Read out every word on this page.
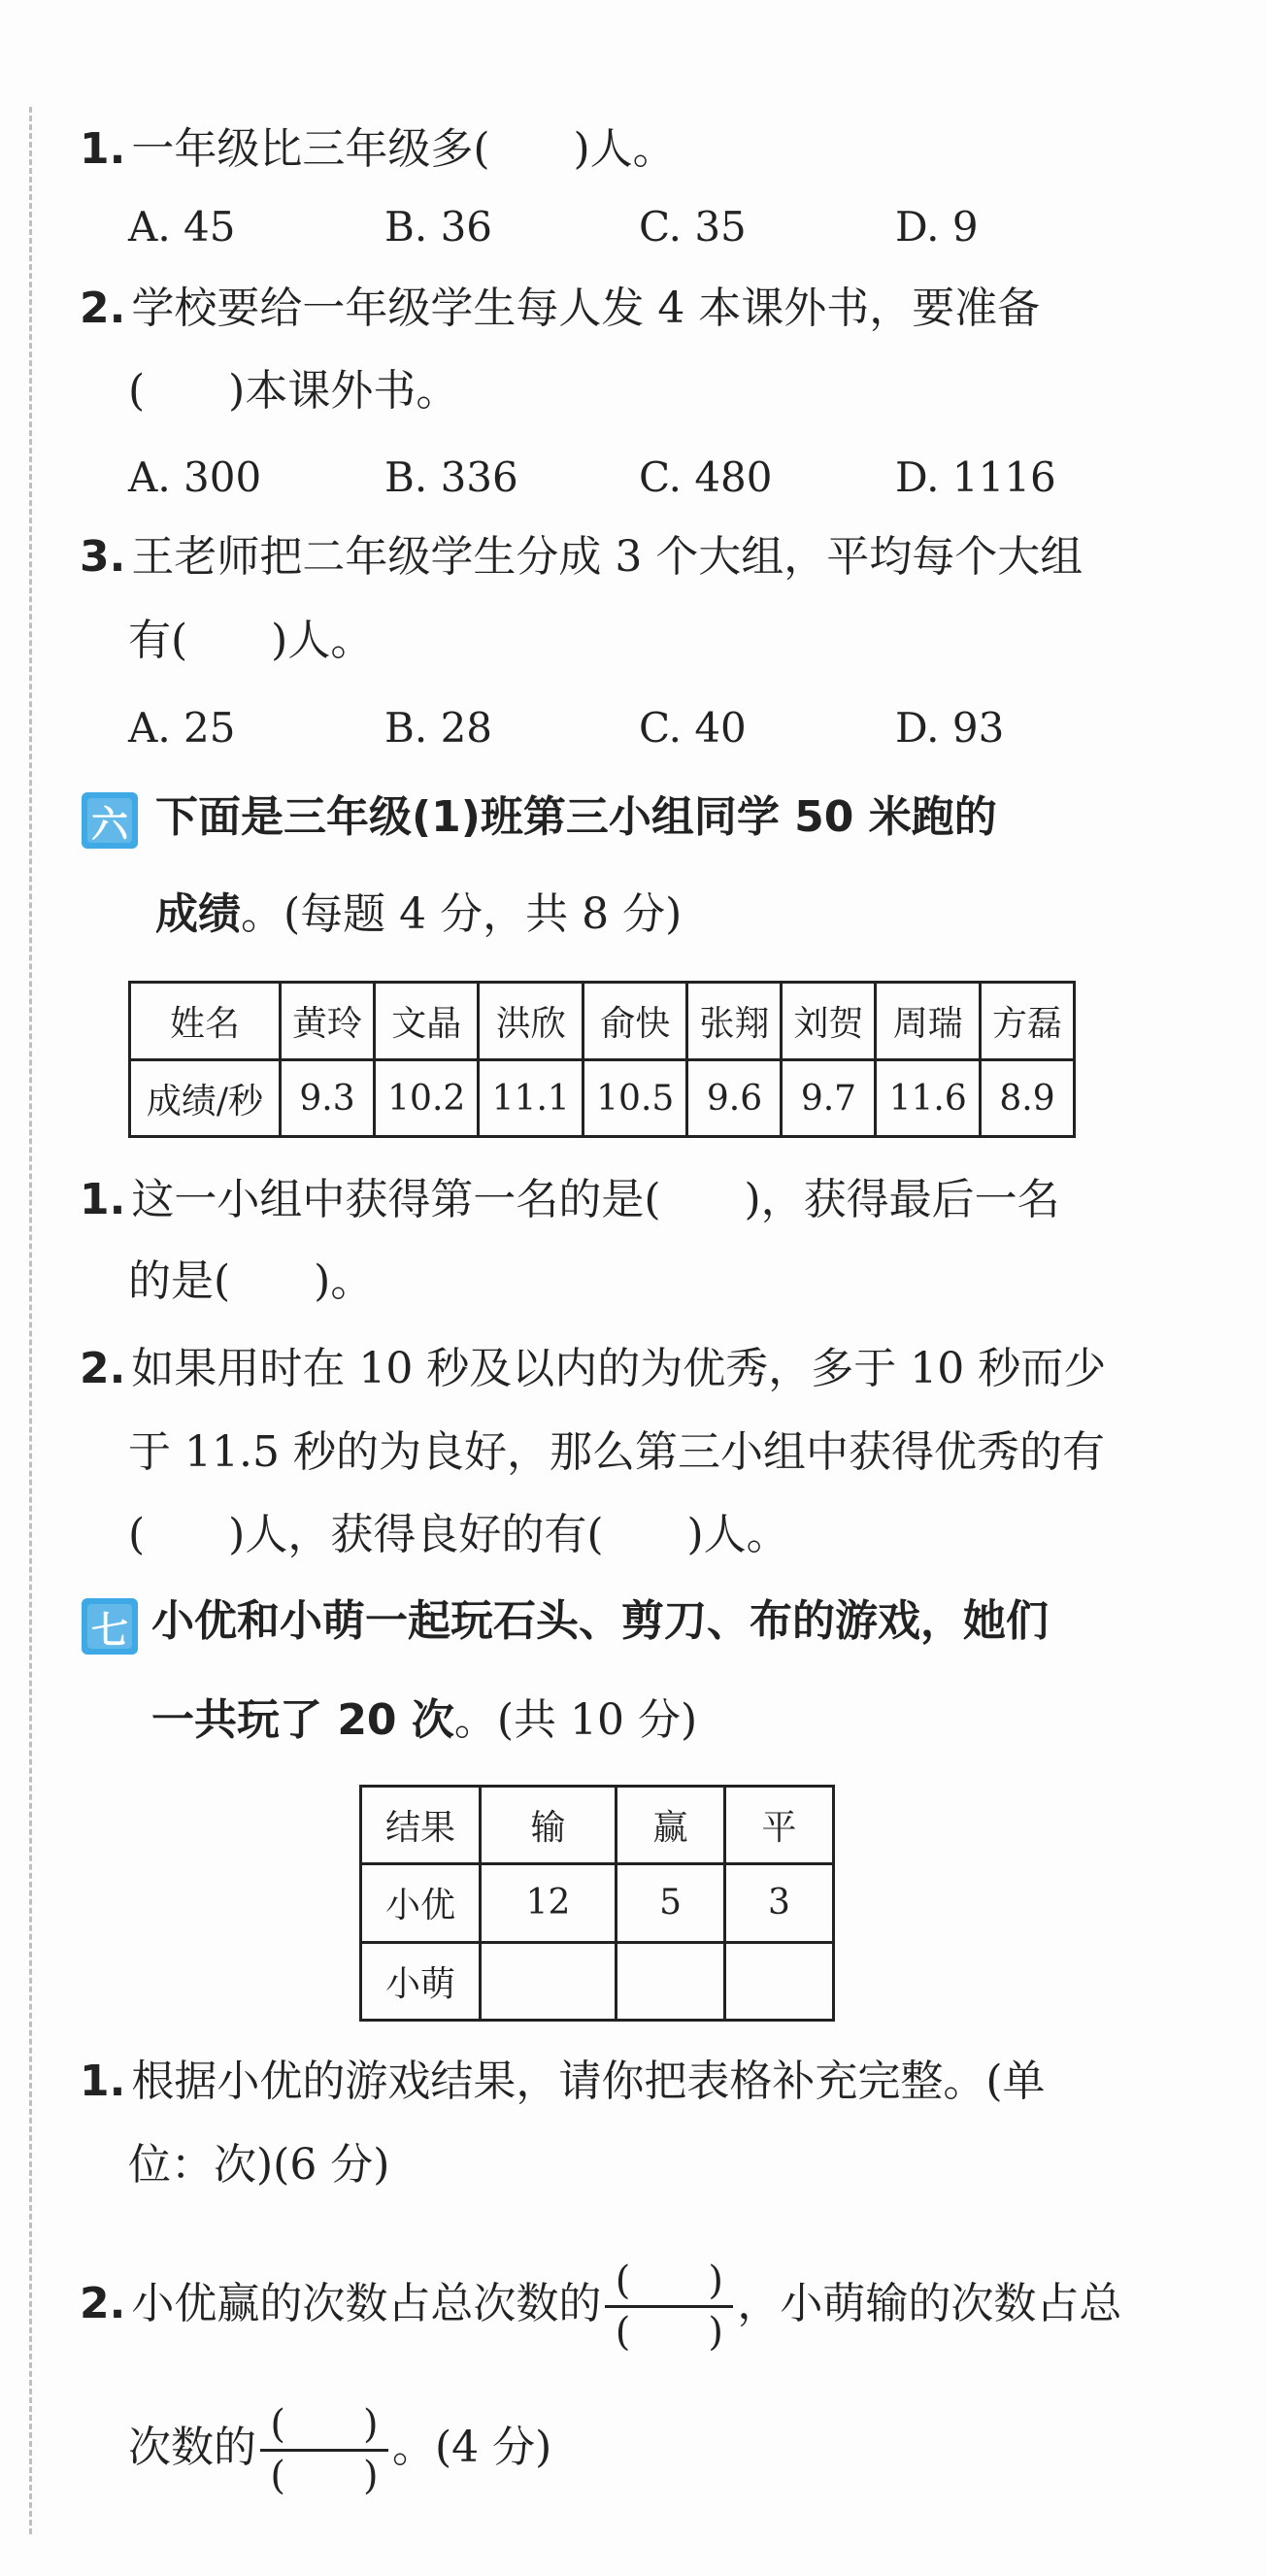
1. 一年级比三年级多( )人。
A. 45	B. 36	C. 35	D. 9
2. 学校要给一年级学生每人发 4 本课外书，要准备
( )本课外书。
A. 300	B. 336	C. 480	D. 1116
3. 王老师把二年级学生分成 3 个大组，平均每个大组
有( )人。
A. 25	B. 28	C. 40	D. 93
六 下面是三年级(1)班第三小组同学 50 米跑的
成绩。(每题 4 分，共 8 分)
姓名	黄玲	文晶	洪欣	俞快	张翔	刘贺	周瑞	方磊
成绩/秒	9.3	10.2	11.1	10.5	9.6	9.7	11.6	8.9
1. 这一小组中获得第一名的是( )，获得最后一名
的是( )。
2. 如果用时在 10 秒及以内的为优秀，多于 10 秒而少
于 11.5 秒的为良好，那么第三小组中获得优秀的有
( )人，获得良好的有( )人。
七 小优和小萌一起玩石头、剪刀、布的游戏，她们
一共玩了 20 次。(共 10 分)
结果	输	赢	平
小优	12	5	3
小萌			
1. 根据小优的游戏结果，请你把表格补充完整。(单
位：次)(6 分)
2. 小优赢的次数占总次数的 $\frac{( )}{( )}$ ，小萌输的次数占总
次数的 $\frac{( )}{( )}$ 。(4 分)
